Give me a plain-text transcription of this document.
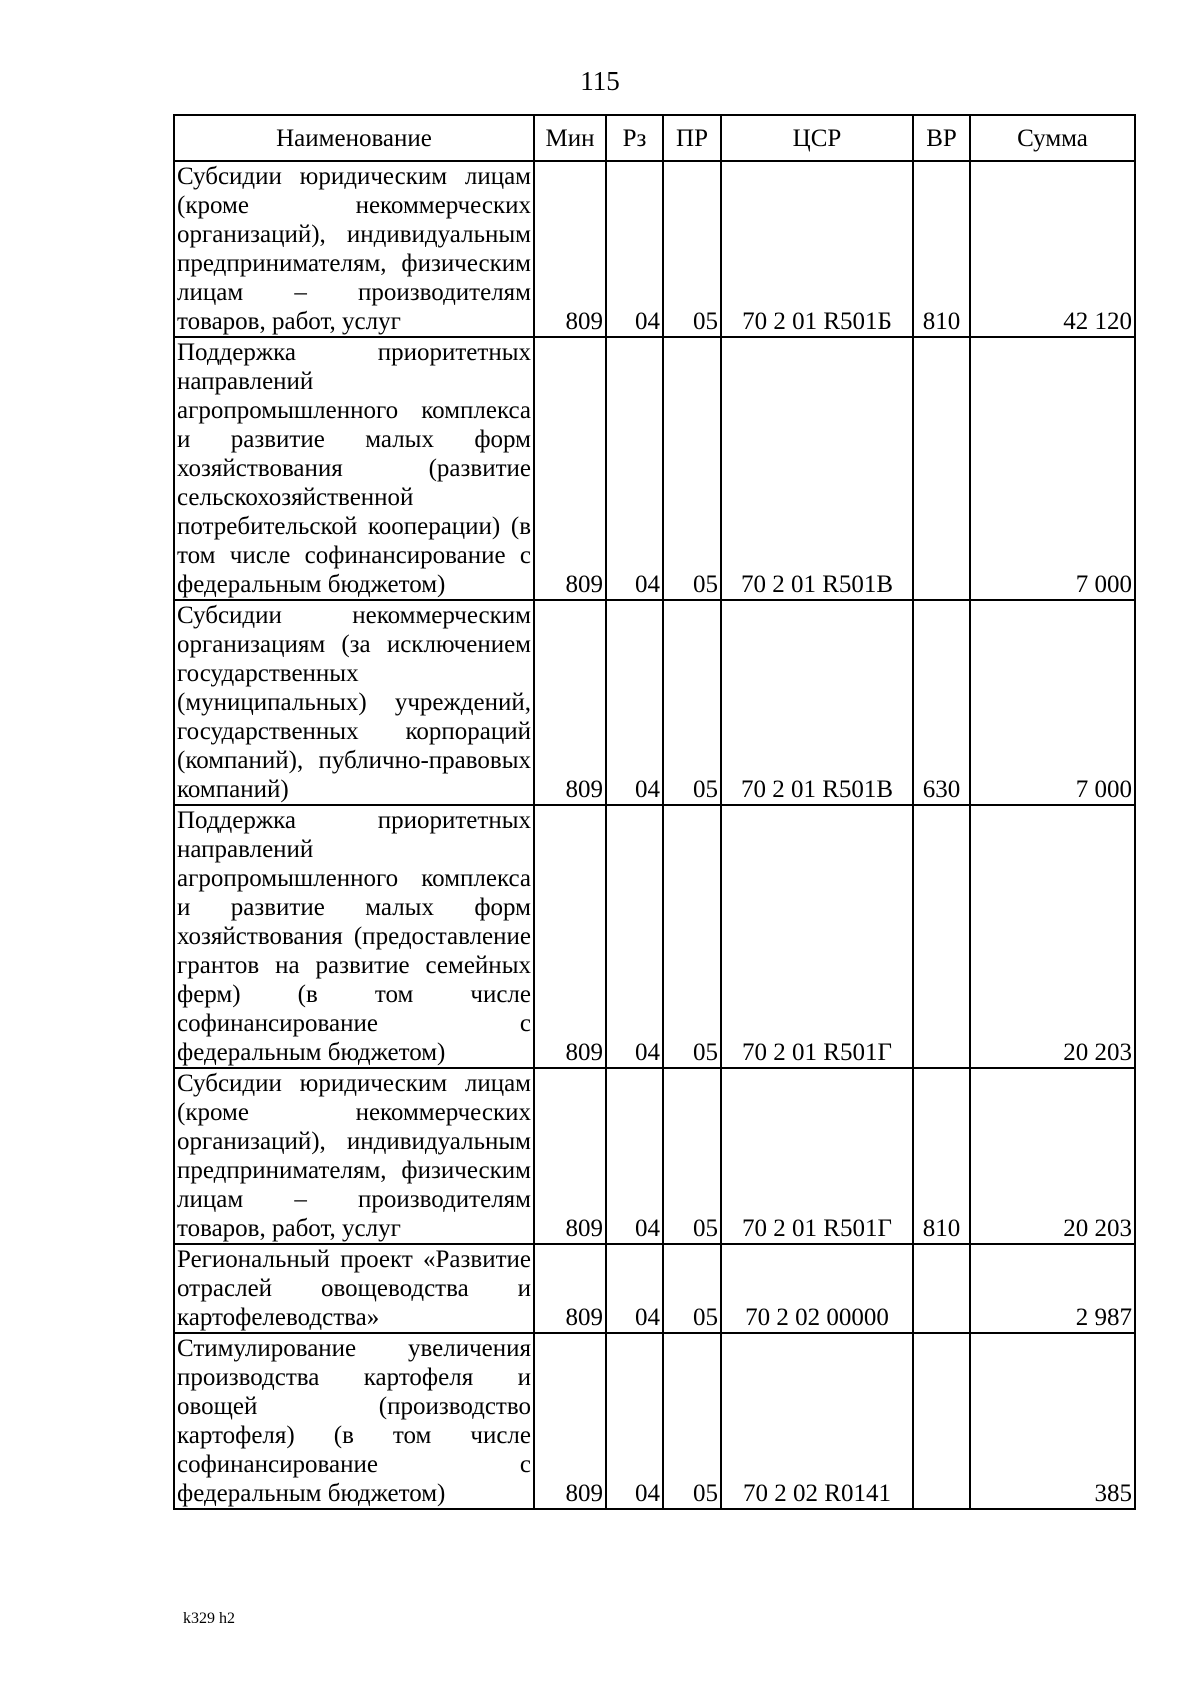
115
Наименование	Мин	Рз	ПР	ЦСР	ВР	Сумма
Субсидии юридическим лицам (кроме некоммерческих организаций), индивидуальным предпринимателям, физическим лицам – производителям товаров, работ, услуг	809	04	05	70 2 01 R501Б	810	42 120
Поддержка приоритетных направлений агропромышленного комплекса и развитие малых форм хозяйствования (развитие сельскохозяйственной потребительской кооперации) (в том числе софинансирование с федеральным бюджетом)	809	04	05	70 2 01 R501В		7 000
Субсидии некоммерческим организациям (за исключением государственных (муниципальных) учреждений, государственных корпораций (компаний), публично-правовых компаний)	809	04	05	70 2 01 R501В	630	7 000
Поддержка приоритетных направлений агропромышленного комплекса и развитие малых форм хозяйствования (предоставление грантов на развитие семейных ферм) (в том числе софинансирование с федеральным бюджетом)	809	04	05	70 2 01 R501Г		20 203
Субсидии юридическим лицам (кроме некоммерческих организаций), индивидуальным предпринимателям, физическим лицам – производителям товаров, работ, услуг	809	04	05	70 2 01 R501Г	810	20 203
Региональный проект «Развитие отраслей овощеводства и картофелеводства»	809	04	05	70 2 02 00000		2 987
Стимулирование увеличения производства картофеля и овощей (производство картофеля) (в том числе софинансирование с федеральным бюджетом)	809	04	05	70 2 02 R0141		385
k329 h2
